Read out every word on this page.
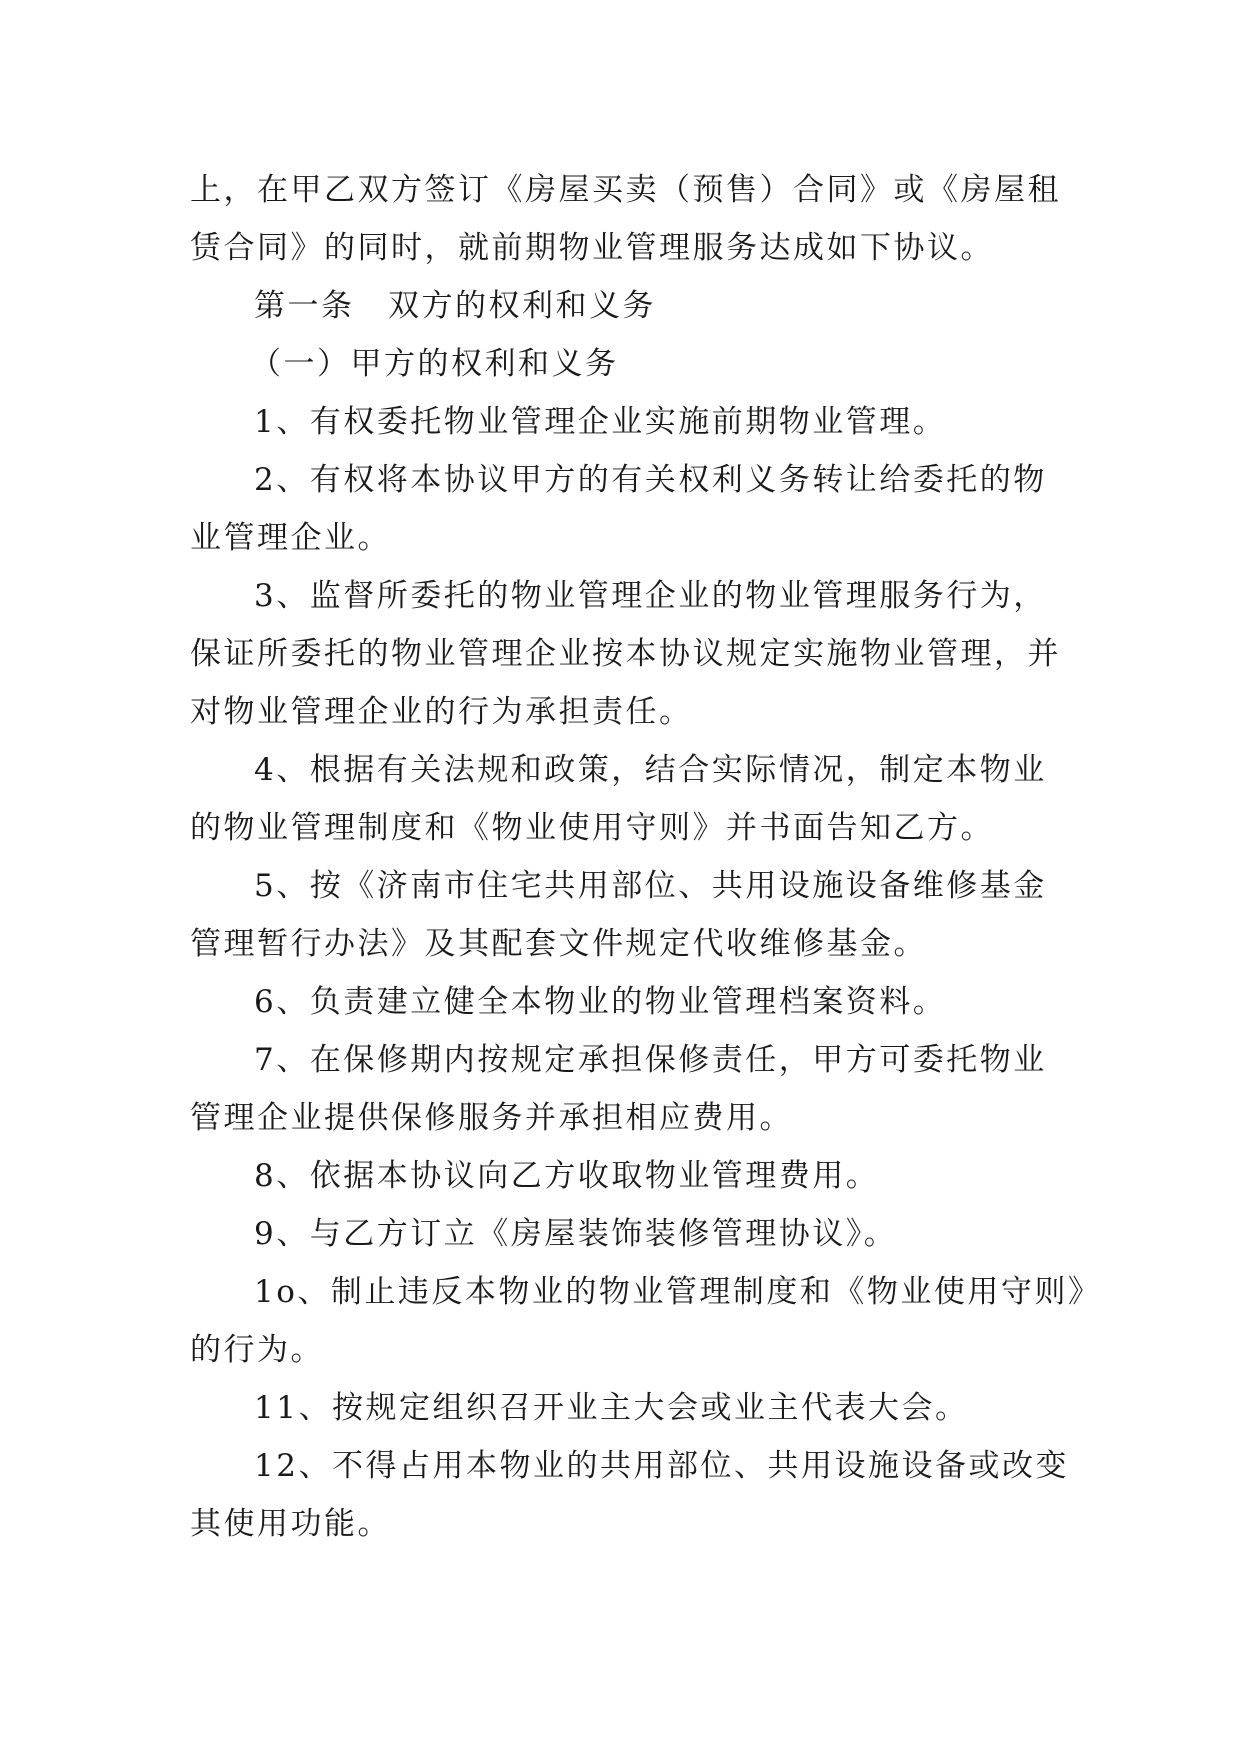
上，在甲乙双方签订《房屋买卖（预售）合同》或《房屋租
赁合同》的同时，就前期物业管理服务达成如下协议。
第一条　双方的权利和义务
（一）甲方的权利和义务
1、有权委托物业管理企业实施前期物业管理。
2、有权将本协议甲方的有关权利义务转让给委托的物
业管理企业。
3、监督所委托的物业管理企业的物业管理服务行为，
保证所委托的物业管理企业按本协议规定实施物业管理，并
对物业管理企业的行为承担责任。
4、根据有关法规和政策，结合实际情况，制定本物业
的物业管理制度和《物业使用守则》并书面告知乙方。
5、按《济南市住宅共用部位、共用设施设备维修基金
管理暂行办法》及其配套文件规定代收维修基金。
6、负责建立健全本物业的物业管理档案资料。
7、在保修期内按规定承担保修责任，甲方可委托物业
管理企业提供保修服务并承担相应费用。
8、依据本协议向乙方收取物业管理费用。
9、与乙方订立《房屋装饰装修管理协议》。
1o、制止违反本物业的物业管理制度和《物业使用守则》
的行为。
11、按规定组织召开业主大会或业主代表大会。
12、不得占用本物业的共用部位、共用设施设备或改变
其使用功能。
